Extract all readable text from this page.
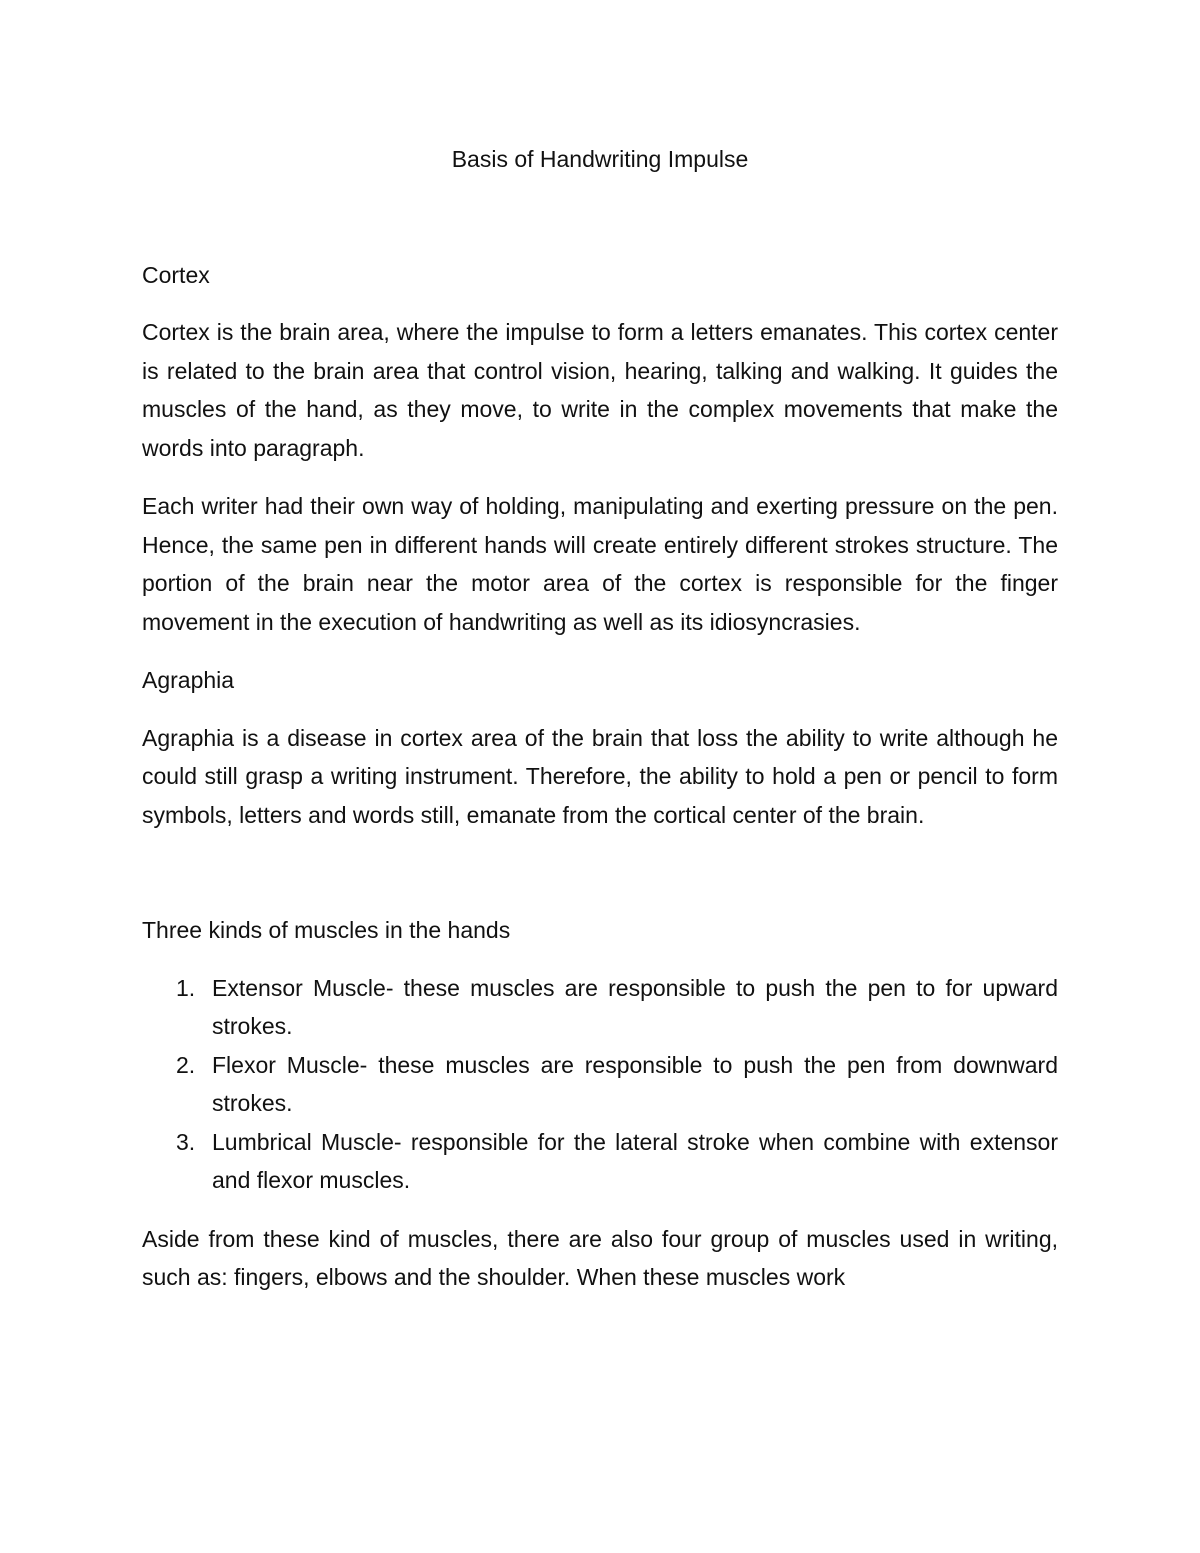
Basis of Handwriting Impulse

Cortex

Cortex is the brain area, where the impulse to form a letters emanates. This cortex center is related to the brain area that control vision, hearing, talking and walking. It guides the muscles of the hand, as they move, to write in the complex movements that make the words into paragraph.

Each writer had their own way of holding, manipulating and exerting pressure on the pen. Hence, the same pen in different hands will create entirely different strokes structure. The portion of the brain near the motor area of the cortex is responsible for the finger movement in the execution of handwriting as well as its idiosyncrasies.

Agraphia

Agraphia is a disease in cortex area of the brain that loss the ability to write although he could still grasp a writing instrument. Therefore, the ability to hold a pen or pencil to form symbols, letters and words still, emanate from the cortical center of the brain.

Three kinds of muscles in the hands

1. Extensor Muscle- these muscles are responsible to push the pen to for upward strokes.
2. Flexor Muscle- these muscles are responsible to push the pen from downward strokes.
3. Lumbrical Muscle- responsible for the lateral stroke when combine with extensor and flexor muscles.

Aside from these kind of muscles, there are also four group of muscles used in writing, such as: fingers, elbows and the shoulder. When these muscles work
